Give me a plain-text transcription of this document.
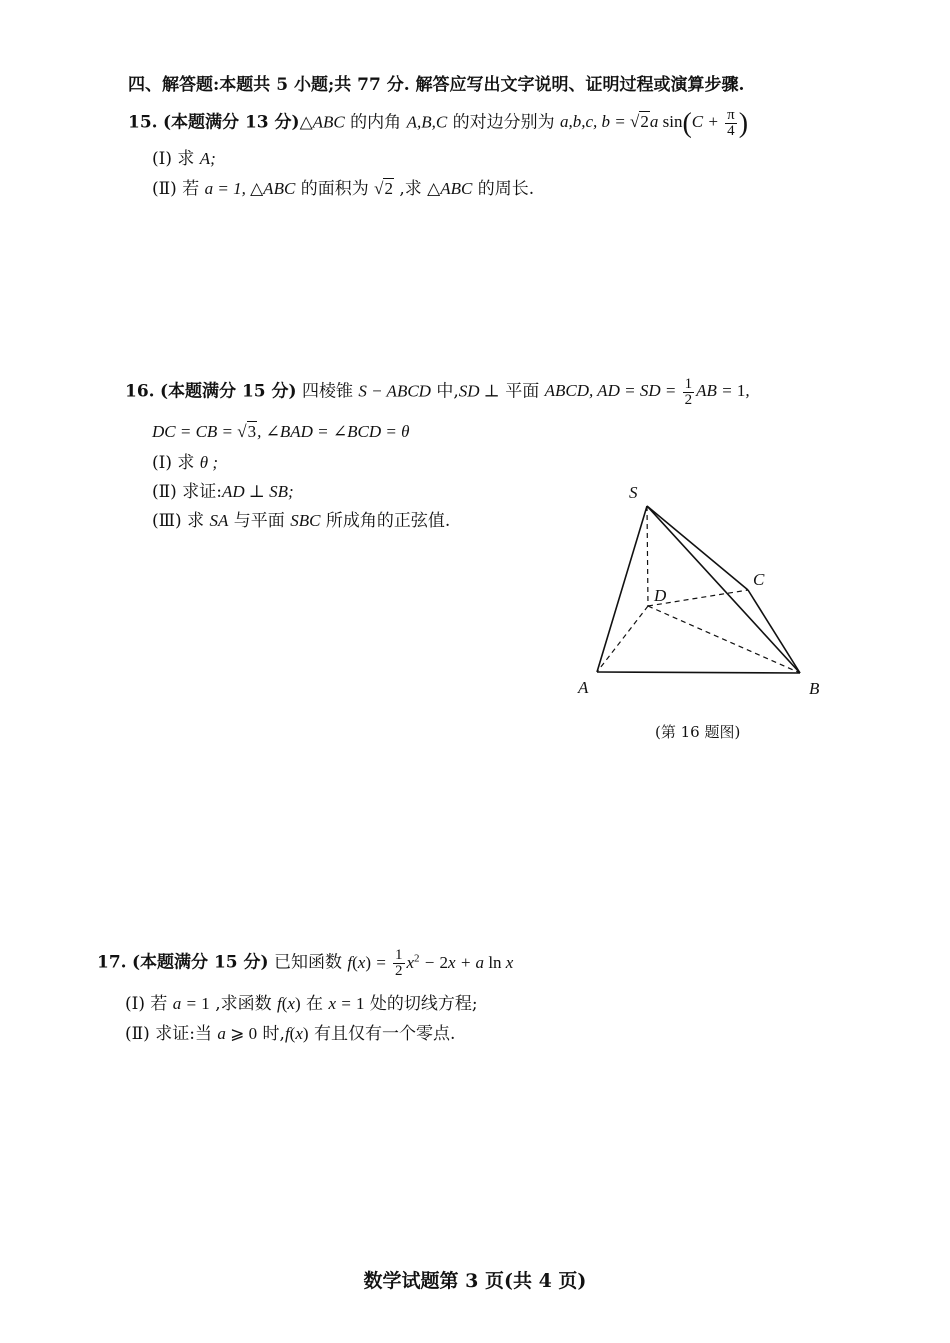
四、解答题:本题共 5 小题;共 77 分. 解答应写出文字说明、证明过程或演算步骤.
15. (本题满分 13 分)△ABC 的内角 A,B,C 的对边分别为 a,b,c, b = √2a $\sin(C + \frac{\pi}{4}$ )
(Ⅰ) 求 A;
(Ⅱ) 若 a = 1, △ABC 的面积为 √2 ,求 △ABC 的周长.
16. (本题满分 15 分) 四棱锥 S − ABCD 中,SD ⊥ 平面 ABCD, AD = SD = $\frac{1}{2}$ AB = 1,
DC = CB = √3, ∠BAD = ∠BCD = θ
(Ⅰ) 求 θ ;
(Ⅱ) 求证:AD ⊥ SB;
(Ⅲ) 求 SA 与平面 SBC 所成角的正弦值.
S
C
D
A	B
(第 16 题图)
17. (本题满分 15 分) 已知函数 $f(x) = \frac{1}{2} x^2 - 2x + a$ ln x
(Ⅰ) 若 a = 1 ,求函数 f(x) 在 x = 1 处的切线方程;
(Ⅱ) 求证:当 a ⩾ 0 时,f(x) 有且仅有一个零点.
数学试题第 3 页(共 4 页)
